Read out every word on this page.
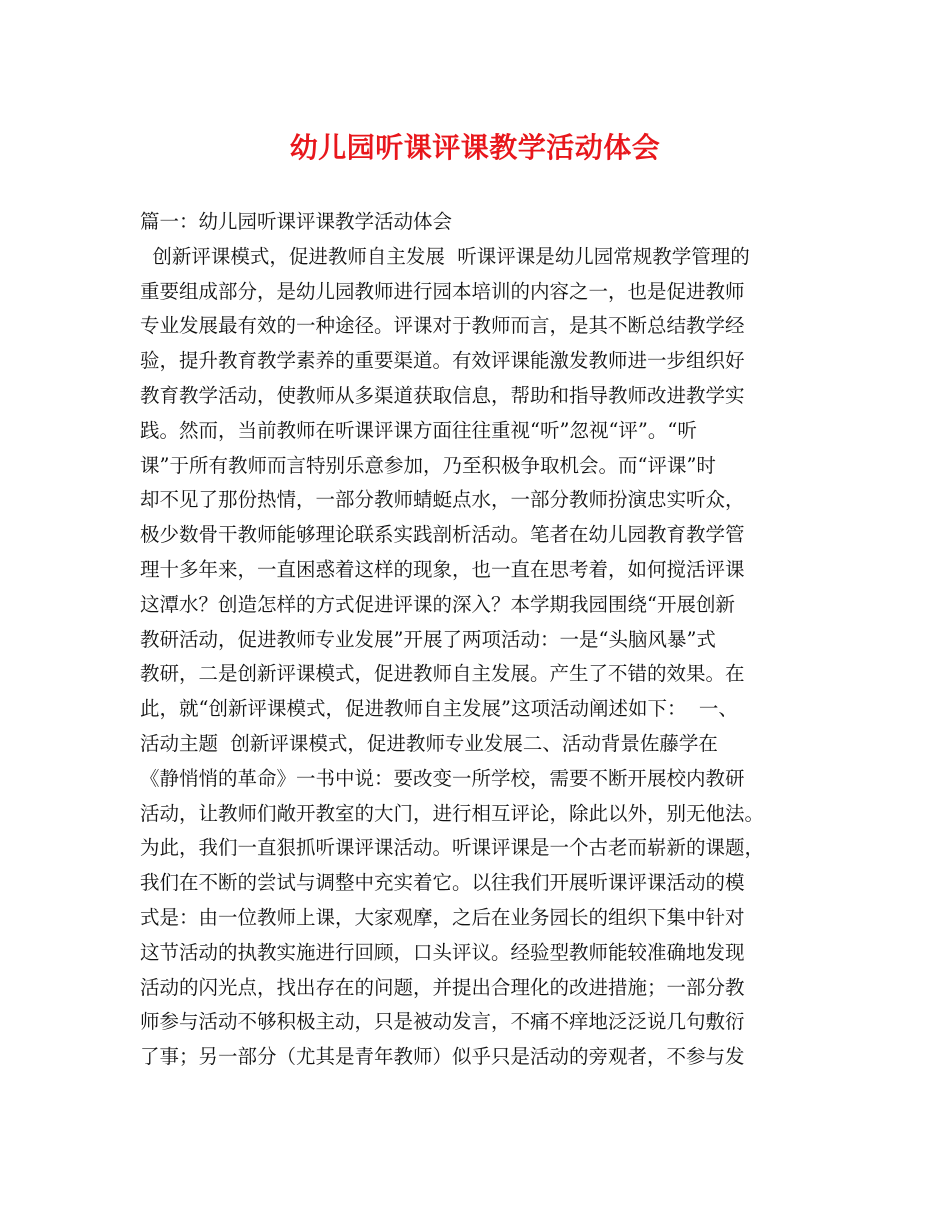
幼儿园听课评课教学活动体会
篇一：幼儿园听课评课教学活动体会
创新评课模式，促进教师自主发展  听课评课是幼儿园常规教学管理的
重要组成部分，是幼儿园教师进行园本培训的内容之一，也是促进教师
专业发展最有效的一种途径。评课对于教师而言，是其不断总结教学经
验，提升教育教学素养的重要渠道。有效评课能激发教师进一步组织好
教育教学活动，使教师从多渠道获取信息，帮助和指导教师改进教学实
践。然而，当前教师在听课评课方面往往重视“听”忽视“评”。“听
课”于所有教师而言特别乐意参加，乃至积极争取机会。而“评课”时
却不见了那份热情，一部分教师蜻蜓点水，一部分教师扮演忠实听众，
极少数骨干教师能够理论联系实践剖析活动。笔者在幼儿园教育教学管
理十多年来，一直困惑着这样的现象，也一直在思考着，如何搅活评课
这潭水？创造怎样的方式促进评课的深入？本学期我园围绕“开展创新
教研活动，促进教师专业发展”开展了两项活动：一是“头脑风暴”式
教研，二是创新评课模式，促进教师自主发展。产生了不错的效果。在
此，就“创新评课模式，促进教师自主发展”这项活动阐述如下：  一、
活动主题  创新评课模式，促进教师专业发展二、活动背景佐藤学在
《静悄悄的革命》一书中说：要改变一所学校，需要不断开展校内教研
活动，让教师们敞开教室的大门，进行相互评论，除此以外，别无他法。
为此，我们一直狠抓听课评课活动。听课评课是一个古老而崭新的课题，
我们在不断的尝试与调整中充实着它。以往我们开展听课评课活动的模
式是：由一位教师上课，大家观摩，之后在业务园长的组织下集中针对
这节活动的执教实施进行回顾，口头评议。经验型教师能较准确地发现
活动的闪光点，找出存在的问题，并提出合理化的改进措施；一部分教
师参与活动不够积极主动，只是被动发言，不痛不痒地泛泛说几句敷衍
了事；另一部分（尤其是青年教师）似乎只是活动的旁观者，不参与发
